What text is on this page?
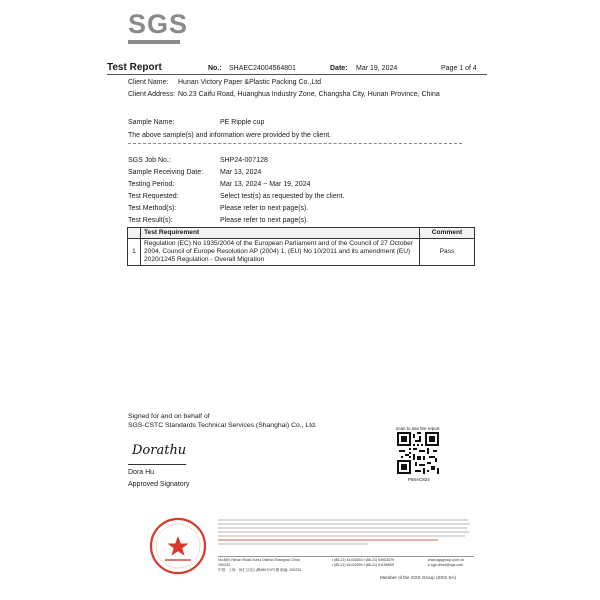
SGS
Test Report	No.: SHAEC24004564801	Date: Mar 19, 2024	Page 1 of 4
Client Name: Hunan Victory Paper &Plastic Packing Co.,Ltd
Client Address: No.23 Caifu Road, Huanghua Industry Zone, Changsha City, Hunan Province, China
Sample Name:	PE Ripple cup
The above sample(s) and information were provided by the client.
SGS Job No.:	SHP24-007128
Sample Receiving Date: Mar 13, 2024
Testing Period:	Mar 13, 2024 ~ Mar 19, 2024
Test Requested:	Select test(s) as requested by the client.
Test Method(s):	Please refer to next page(s).
Test Result(s):	Please refer to next page(s).
	Test Requirement	Comment
1	Regulation (EC) No 1935/2004 of the European Parliament and of the Council of 27 October 2004, Council of Europe Resolution AP (2004) 1, (EU) No 10/2011 and its amendment (EU) 2020/1245 Regulation - Overall Migration	Pass
Signed for and on behalf of
SGS-CSTC Standards Technical Services (Shanghai) Co., Ltd.
Dorathu
Dora Hu
Approved Signatory
scan to see the report
P56AC824
No.889,Yishan Road Xuhui District,Shanghai China 200233
中国 · 上海 · 徐汇区宜山路889号3号楼 邮编: 200233
t (86-21) 61402553 f (86-21) 64953679
t (86-21) 61402594 f (86-21) 61156899
www.sgsgroup.com.cn
e sgs.china@sgs.com
Member of the SGS Group (SGS SA)
